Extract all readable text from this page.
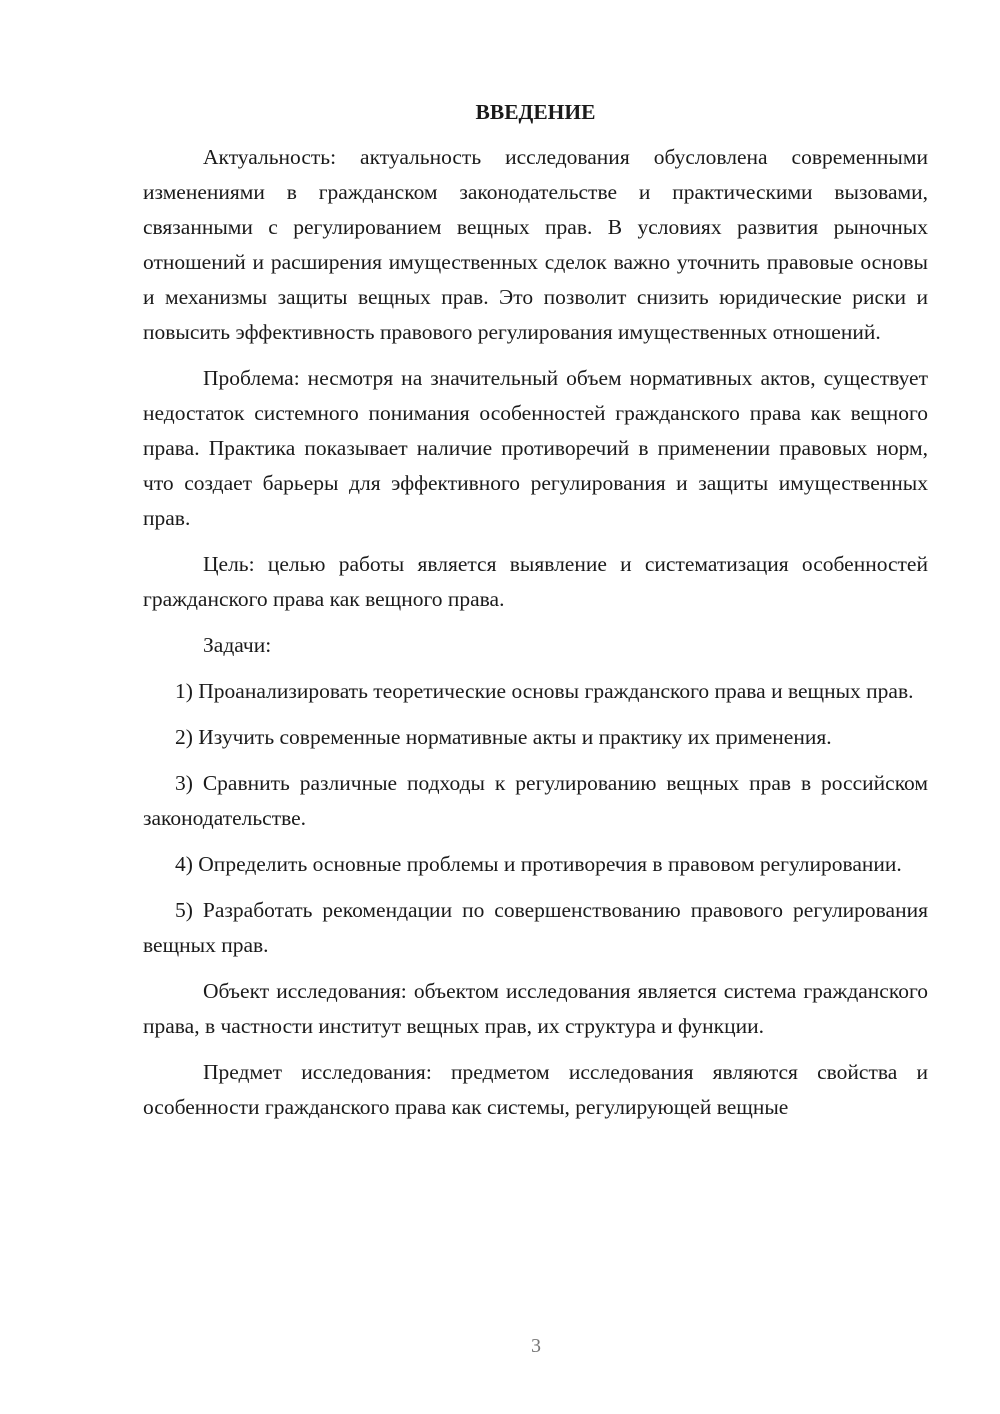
ВВЕДЕНИЕ

Актуальность: актуальность исследования обусловлена современными изменениями в гражданском законодательстве и практическими вызовами, связанными с регулированием вещных прав. В условиях развития рыночных отношений и расширения имущественных сделок важно уточнить правовые основы и механизмы защиты вещных прав. Это позволит снизить юридические риски и повысить эффективность правового регулирования имущественных отношений.

Проблема: несмотря на значительный объем нормативных актов, существует недостаток системного понимания особенностей гражданского права как вещного права. Практика показывает наличие противоречий в применении правовых норм, что создает барьеры для эффективного регулирования и защиты имущественных прав.

Цель: целью работы является выявление и систематизация особенностей гражданского права как вещного права.

Задачи:

1) Проанализировать теоретические основы гражданского права и вещных прав.

2) Изучить современные нормативные акты и практику их применения.

3) Сравнить различные подходы к регулированию вещных прав в российском законодательстве.

4) Определить основные проблемы и противоречия в правовом регулировании.

5) Разработать рекомендации по совершенствованию правового регулирования вещных прав.

Объект исследования: объектом исследования является система гражданского права, в частности институт вещных прав, их структура и функции.

Предмет исследования: предметом исследования являются свойства и особенности гражданского права как системы, регулирующей вещные

3
